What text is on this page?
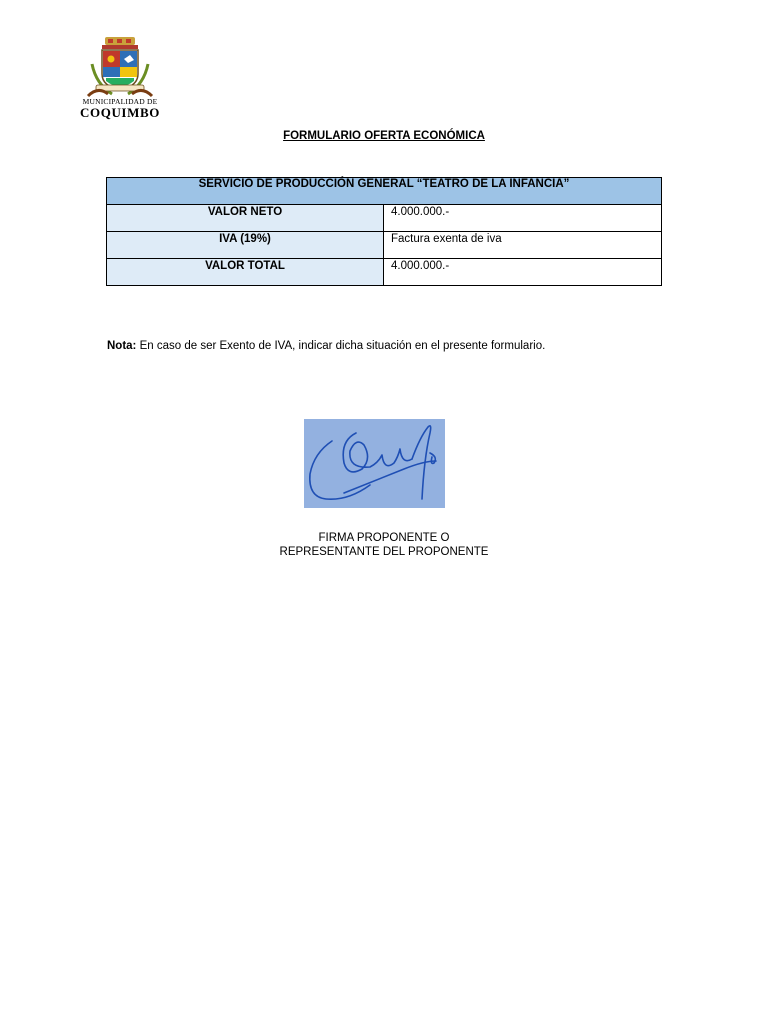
MUNICIPALIDAD DE
COQUIMBO
FORMULARIO OFERTA ECONÓMICA
SERVICIO DE PRODUCCIÓN GENERAL “TEATRO DE LA INFANCIA”	
VALOR NETO	4.000.000.-
IVA (19%)	Factura exenta de iva
VALOR TOTAL	4.000.000.-
Nota: En caso de ser Exento de IVA, indicar dicha situación en el presente formulario.
FIRMA PROPONENTE O
REPRESENTANTE DEL PROPONENTE
